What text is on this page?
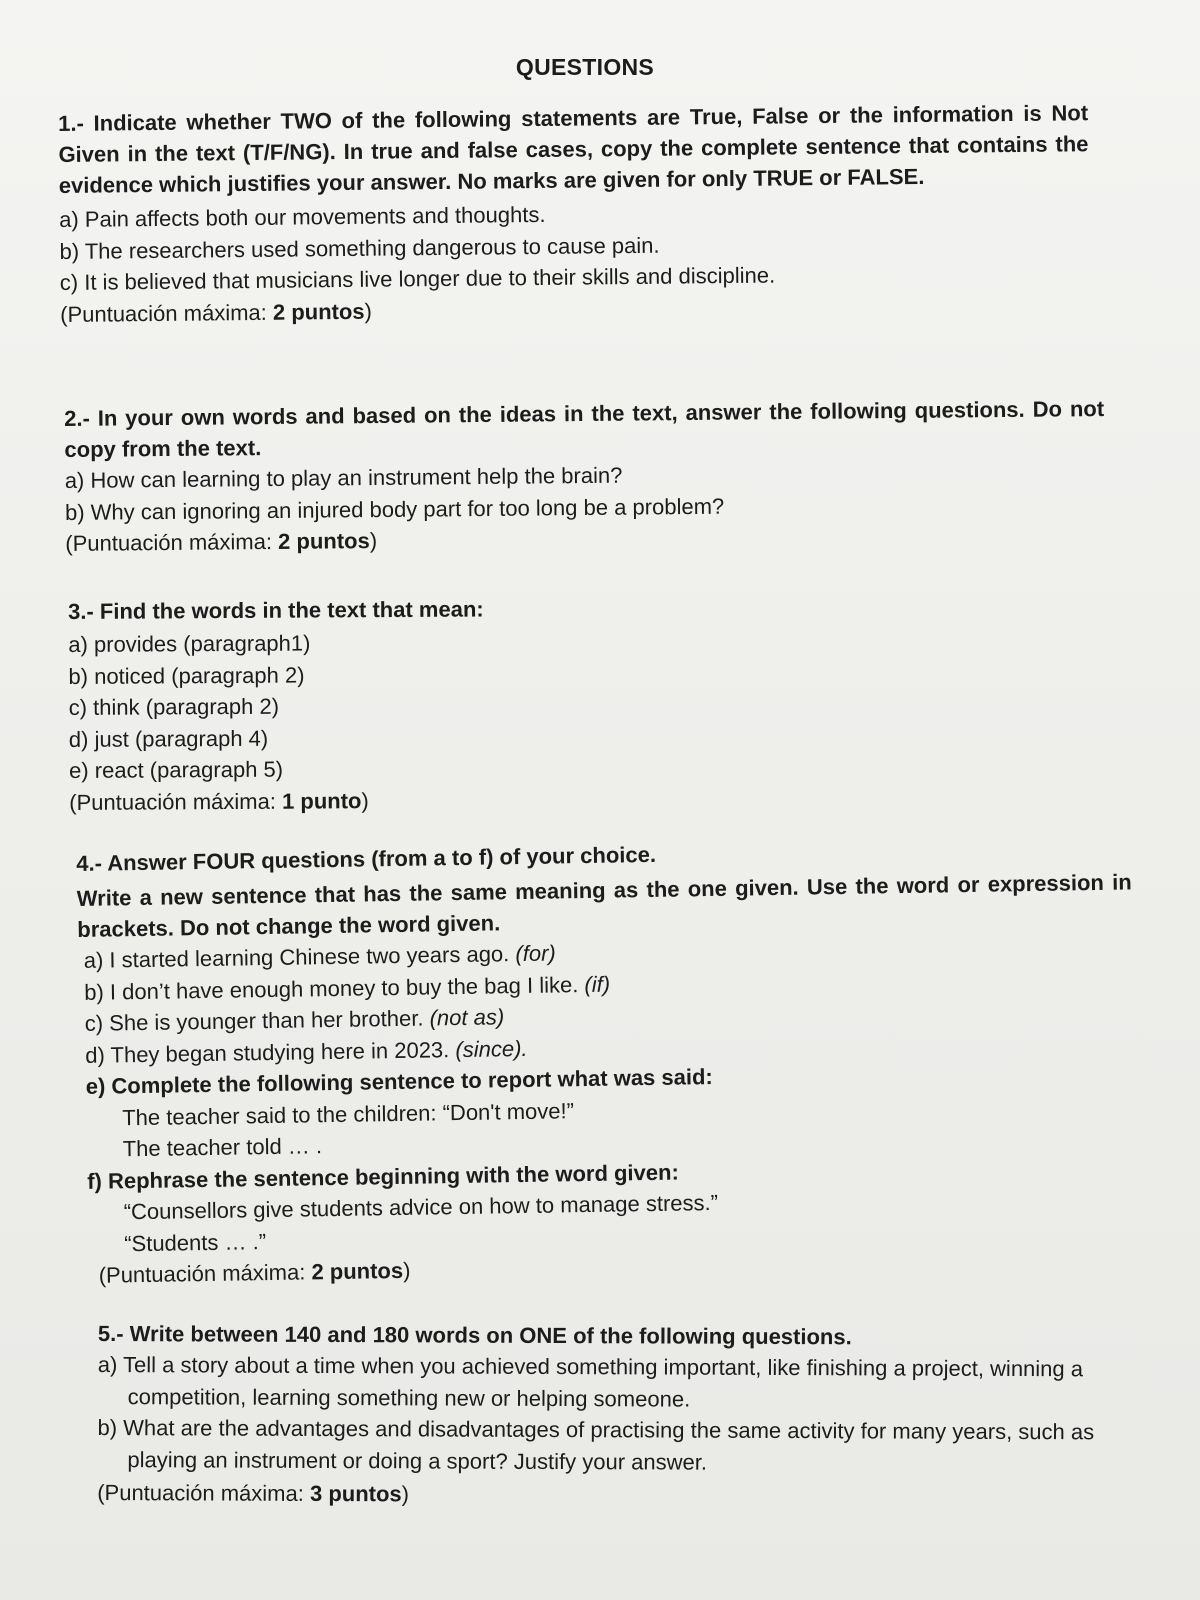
QUESTIONS
1.- Indicate whether TWO of the following statements are True, False or the information is Not Given in the text (T/F/NG). In true and false cases, copy the complete sentence that contains the evidence which justifies your answer. No marks are given for only TRUE or FALSE.
a) Pain affects both our movements and thoughts.
b) The researchers used something dangerous to cause pain.
c) It is believed that musicians live longer due to their skills and discipline.
(Puntuación máxima: 2 puntos)
2.- In your own words and based on the ideas in the text, answer the following questions. Do not copy from the text.
a) How can learning to play an instrument help the brain?
b) Why can ignoring an injured body part for too long be a problem?
(Puntuación máxima: 2 puntos)
3.- Find the words in the text that mean:
a) provides (paragraph1)
b) noticed (paragraph 2)
c) think (paragraph 2)
d) just (paragraph 4)
e) react (paragraph 5)
(Puntuación máxima: 1 punto)
4.- Answer FOUR questions (from a to f) of your choice.
Write a new sentence that has the same meaning as the one given. Use the word or expression in brackets. Do not change the word given.
a) I started learning Chinese two years ago. (for)
b) I don’t have enough money to buy the bag I like. (if)
c) She is younger than her brother. (not as)
d) They began studying here in 2023. (since).
e) Complete the following sentence to report what was said:
The teacher said to the children: “Don't move!”
The teacher told … .
f) Rephrase the sentence beginning with the word given:
“Counsellors give students advice on how to manage stress.”
“Students … .”
(Puntuación máxima: 2 puntos)
5.- Write between 140 and 180 words on ONE of the following questions.
a) Tell a story about a time when you achieved something important, like finishing a project, winning a competition, learning something new or helping someone.
b) What are the advantages and disadvantages of practising the same activity for many years, such as playing an instrument or doing a sport? Justify your answer.
(Puntuación máxima: 3 puntos)
